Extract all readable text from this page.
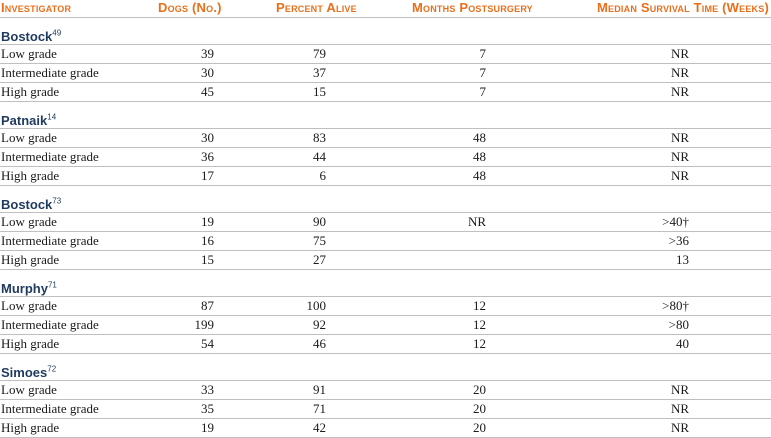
Investigator	Dogs (No.)	Percent Alive	Months Postsurgery	Median Survival Time (Weeks)
Bostock$^{49}$
Low grade	39	79	7	NR
Intermediate grade	30	37	7	NR
High grade	45	15	7	NR
Patnaik$^{14}$
Low grade	30	83	48	NR
Intermediate grade	36	44	48	NR
High grade	17	6	48	NR
Bostock$^{73}$
Low grade	19	90	NR	>40†
Intermediate grade	16	75		>36
High grade	15	27		13
Murphy$^{71}$
Low grade	87	100	12	>80†
Intermediate grade	199	92	12	>80
High grade	54	46	12	40
Simoes$^{72}$
Low grade	33	91	20	NR
Intermediate grade	35	71	20	NR
High grade	19	42	20	NR
